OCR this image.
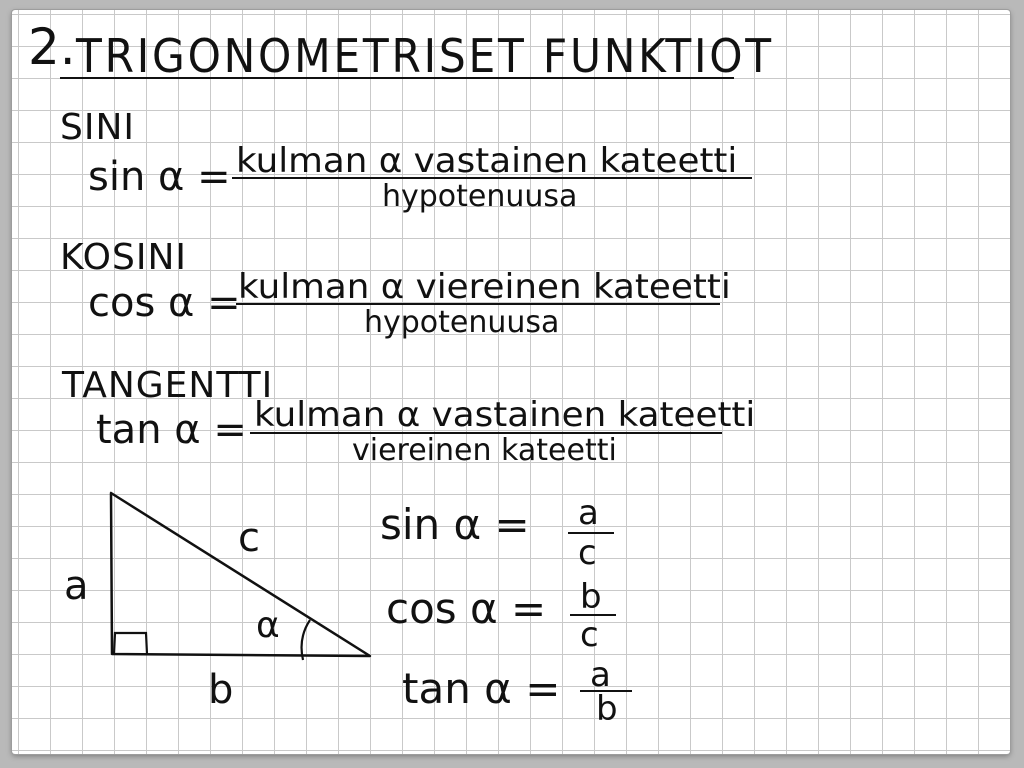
2. TRIGONOMETRISET FUNKTIOT
SINI
sin α = kulman α vastainen kateetti
hypotenuusa
KOSINI
cos α =
kulman α viereinen kateetti
hypotenuusa
TANGENTTI
tan α = kulman α vastainen kateetti
viereinen kateetti
a
b
c
α
sin α = a
c
cos α = b
c
tan α = a
b
